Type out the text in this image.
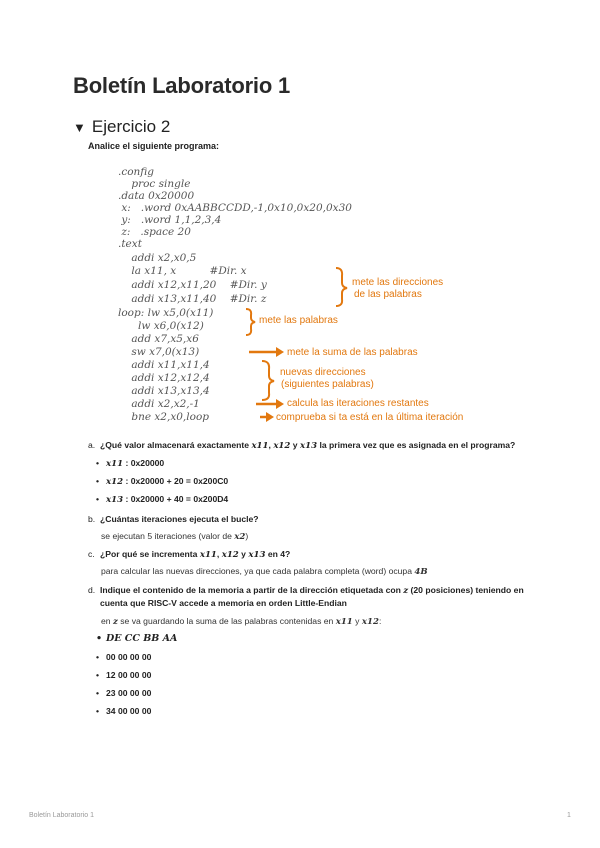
Boletín Laboratorio 1
▼ Ejercicio 2
Analice el siguiente programa:
.config
proc single
.data 0x20000
x:   .word 0xAABBCCDD,-1,0x10,0x20,0x30
y:   .word 1,1,2,3,4
z:   .space 20
.text
addi x2,x0,5
la x11, x          #Dir. x
addi x12,x11,20    #Dir. y
addi x13,x11,40    #Dir. z
loop: lw x5,0(x11)
lw x6,0(x12)
add x7,x5,x6
sw x7,0(x13)
addi x11,x11,4
addi x12,x12,4
addi x13,x13,4
addi x2,x2,-1
bne x2,x0,loop
mete las direcciones
de las palabras
mete las palabras
mete la suma de las palabras
nuevas direcciones
(siguientes palabras)
calcula las iteraciones restantes
comprueba si ta está en la última iteración
a. ¿Qué valor almacenará exactamente x11, x12 y x13 la primera vez que es asignada en el programa?
• x11 : 0x20000
• x12 : 0x20000 + 20 = 0x200C0
• x13 : 0x20000 + 40 = 0x200D4
b. ¿Cuántas iteraciones ejecuta el bucle?
se ejecutan 5 iteraciones (valor de x2)
c. ¿Por qué se incrementa x11, x12 y x13 en 4?
para calcular las nuevas direcciones, ya que cada palabra completa (word) ocupa 4B
d. Indique el contenido de la memoria a partir de la dirección etiquetada con z (20 posiciones) teniendo en
cuenta que RISC-V accede a memoria en orden Little-Endian
en z se va guardando la suma de las palabras contenidas en x11 y x12:
• DE CC BB AA
• 00 00 00 00
• 12 00 00 00
• 23 00 00 00
• 34 00 00 00
Boletín Laboratorio 1	1
